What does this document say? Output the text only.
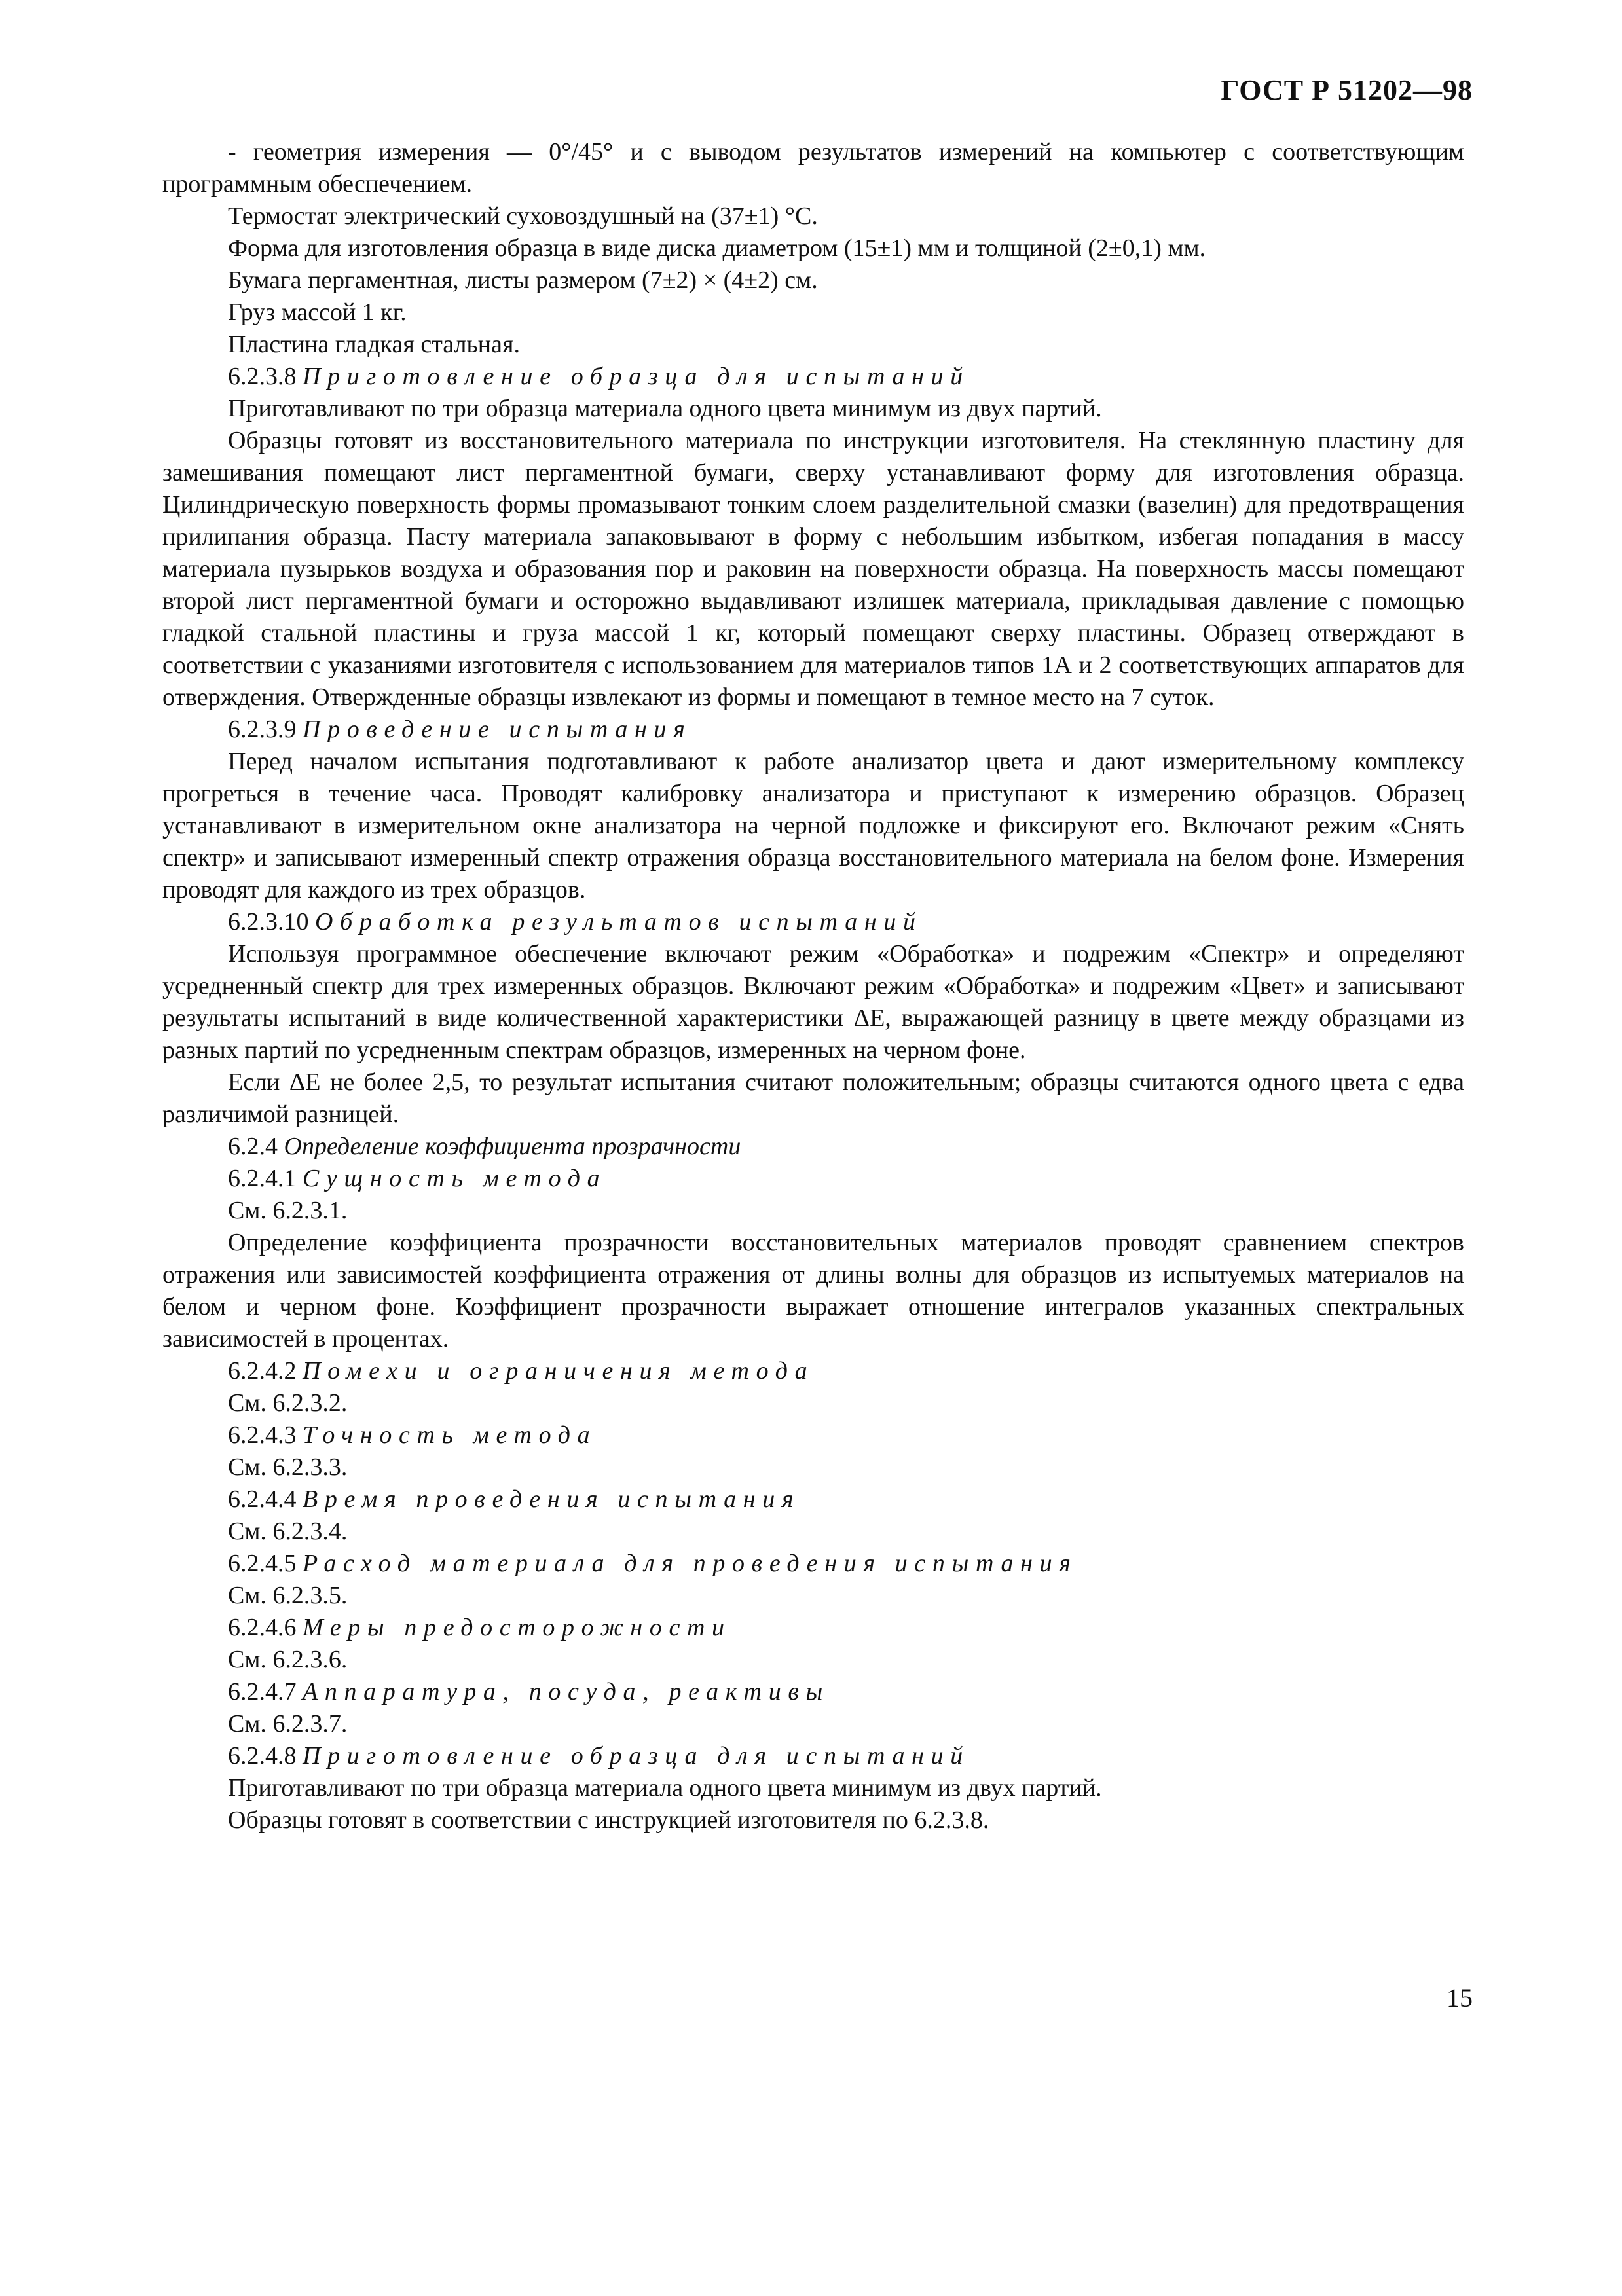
ГОСТ Р 51202—98

- геометрия измерения — 0°/45° и с выводом результатов измерений на компьютер с соответствующим программным обеспечением.

Термостат электрический суховоздушный на (37±1) °С.

Форма для изготовления образца в виде диска диаметром (15±1) мм и толщиной (2±0,1) мм.

Бумага пергаментная, листы размером (7±2) × (4±2) см.

Груз массой 1 кг.

Пластина гладкая стальная.

6.2.3.8 Приготовление образца для испытаний

Приготавливают по три образца материала одного цвета минимум из двух партий.

Образцы готовят из восстановительного материала по инструкции изготовителя. На стеклянную пластину для замешивания помещают лист пергаментной бумаги, сверху устанавливают форму для изготовления образца. Цилиндрическую поверхность формы промазывают тонким слоем разделительной смазки (вазелин) для предотвращения прилипания образца. Пасту материала запаковывают в форму с небольшим избытком, избегая попадания в массу материала пузырьков воздуха и образования пор и раковин на поверхности образца. На поверхность массы помещают второй лист пергаментной бумаги и осторожно выдавливают излишек материала, прикладывая давление с помощью гладкой стальной пластины и груза массой 1 кг, который помещают сверху пластины. Образец отверждают в соответствии с указаниями изготовителя с использованием для материалов типов 1А и 2 соответствующих аппаратов для отверждения. Отвержденные образцы извлекают из формы и помещают в темное место на 7 суток.

6.2.3.9 Проведение испытания

Перед началом испытания подготавливают к работе анализатор цвета и дают измерительному комплексу прогреться в течение часа. Проводят калибровку анализатора и приступают к измерению образцов. Образец устанавливают в измерительном окне анализатора на черной подложке и фиксируют его. Включают режим «Снять спектр» и записывают измеренный спектр отражения образца восстановительного материала на белом фоне. Измерения проводят для каждого из трех образцов.

6.2.3.10 Обработка результатов испытаний

Используя программное обеспечение включают режим «Обработка» и подрежим «Спектр» и определяют усредненный спектр для трех измеренных образцов. Включают режим «Обработка» и подрежим «Цвет» и записывают результаты испытаний в виде количественной характеристики ΔE, выражающей разницу в цвете между образцами из разных партий по усредненным спектрам образцов, измеренных на черном фоне.

Если ΔE не более 2,5, то результат испытания считают положительным; образцы считаются одного цвета с едва различимой разницей.

6.2.4 Определение коэффициента прозрачности

6.2.4.1 Сущность метода

См. 6.2.3.1.

Определение коэффициента прозрачности восстановительных материалов проводят сравнением спектров отражения или зависимостей коэффициента отражения от длины волны для образцов из испытуемых материалов на белом и черном фоне. Коэффициент прозрачности выражает отношение интегралов указанных спектральных зависимостей в процентах.

6.2.4.2 Помехи и ограничения метода

См. 6.2.3.2.

6.2.4.3 Точность метода

См. 6.2.3.3.

6.2.4.4 Время проведения испытания

См. 6.2.3.4.

6.2.4.5 Расход материала для проведения испытания

См. 6.2.3.5.

6.2.4.6 Меры предосторожности

См. 6.2.3.6.

6.2.4.7 Аппаратура, посуда, реактивы

См. 6.2.3.7.

6.2.4.8 Приготовление образца для испытаний

Приготавливают по три образца материала одного цвета минимум из двух партий.

Образцы готовят в соответствии с инструкцией изготовителя по 6.2.3.8.

15
